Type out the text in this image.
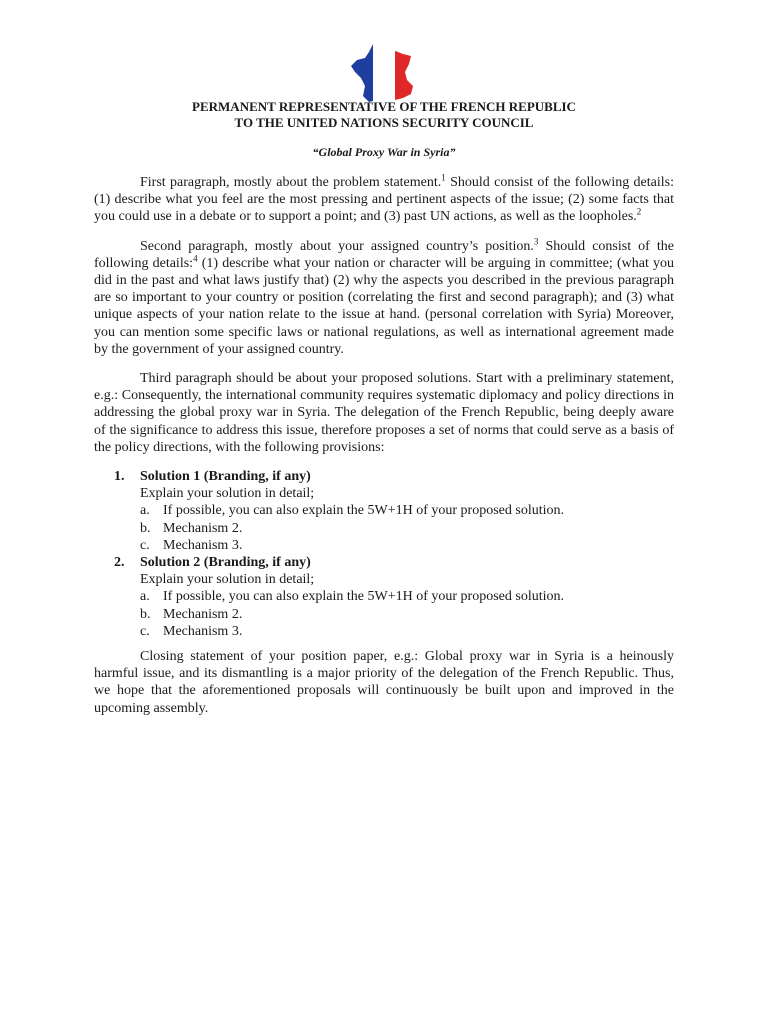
PERMANENT REPRESENTATIVE OF THE FRENCH REPUBLIC
TO THE UNITED NATIONS SECURITY COUNCIL
“Global Proxy War in Syria”

First paragraph, mostly about the problem statement.$^1$ Should consist of the following details: (1) describe what you feel are the most pressing and pertinent aspects of the issue; (2) some facts that you could use in a debate or to support a point; and (3) past UN actions, as well as the loopholes.$^2$

Second paragraph, mostly about your assigned country’s position.$^3$ Should consist of the following details:$^4$ (1) describe what your nation or character will be arguing in committee; (what you did in the past and what laws justify that) (2) why the aspects you described in the previous paragraph are so important to your country or position (correlating the first and second paragraph); and (3) what unique aspects of your nation relate to the issue at hand. (personal correlation with Syria) Moreover, you can mention some specific laws or national regulations, as well as international agreement made by the government of your assigned country.

Third paragraph should be about your proposed solutions. Start with a preliminary statement, e.g.: Consequently, the international community requires systematic diplomacy and policy directions in addressing the global proxy war in Syria. The delegation of the French Republic, being deeply aware of the significance to address this issue, therefore proposes a set of norms that could serve as a basis of the policy directions, with the following provisions:

1. Solution 1 (Branding, if any)
Explain your solution in detail;
a. If possible, you can also explain the 5W+1H of your proposed solution.
b. Mechanism 2.
c. Mechanism 3.
2. Solution 2 (Branding, if any)
Explain your solution in detail;
a. If possible, you can also explain the 5W+1H of your proposed solution.
b. Mechanism 2.
c. Mechanism 3.

Closing statement of your position paper, e.g.: Global proxy war in Syria is a heinously harmful issue, and its dismantling is a major priority of the delegation of the French Republic. Thus, we hope that the aforementioned proposals will continuously be built upon and improved in the upcoming assembly.
